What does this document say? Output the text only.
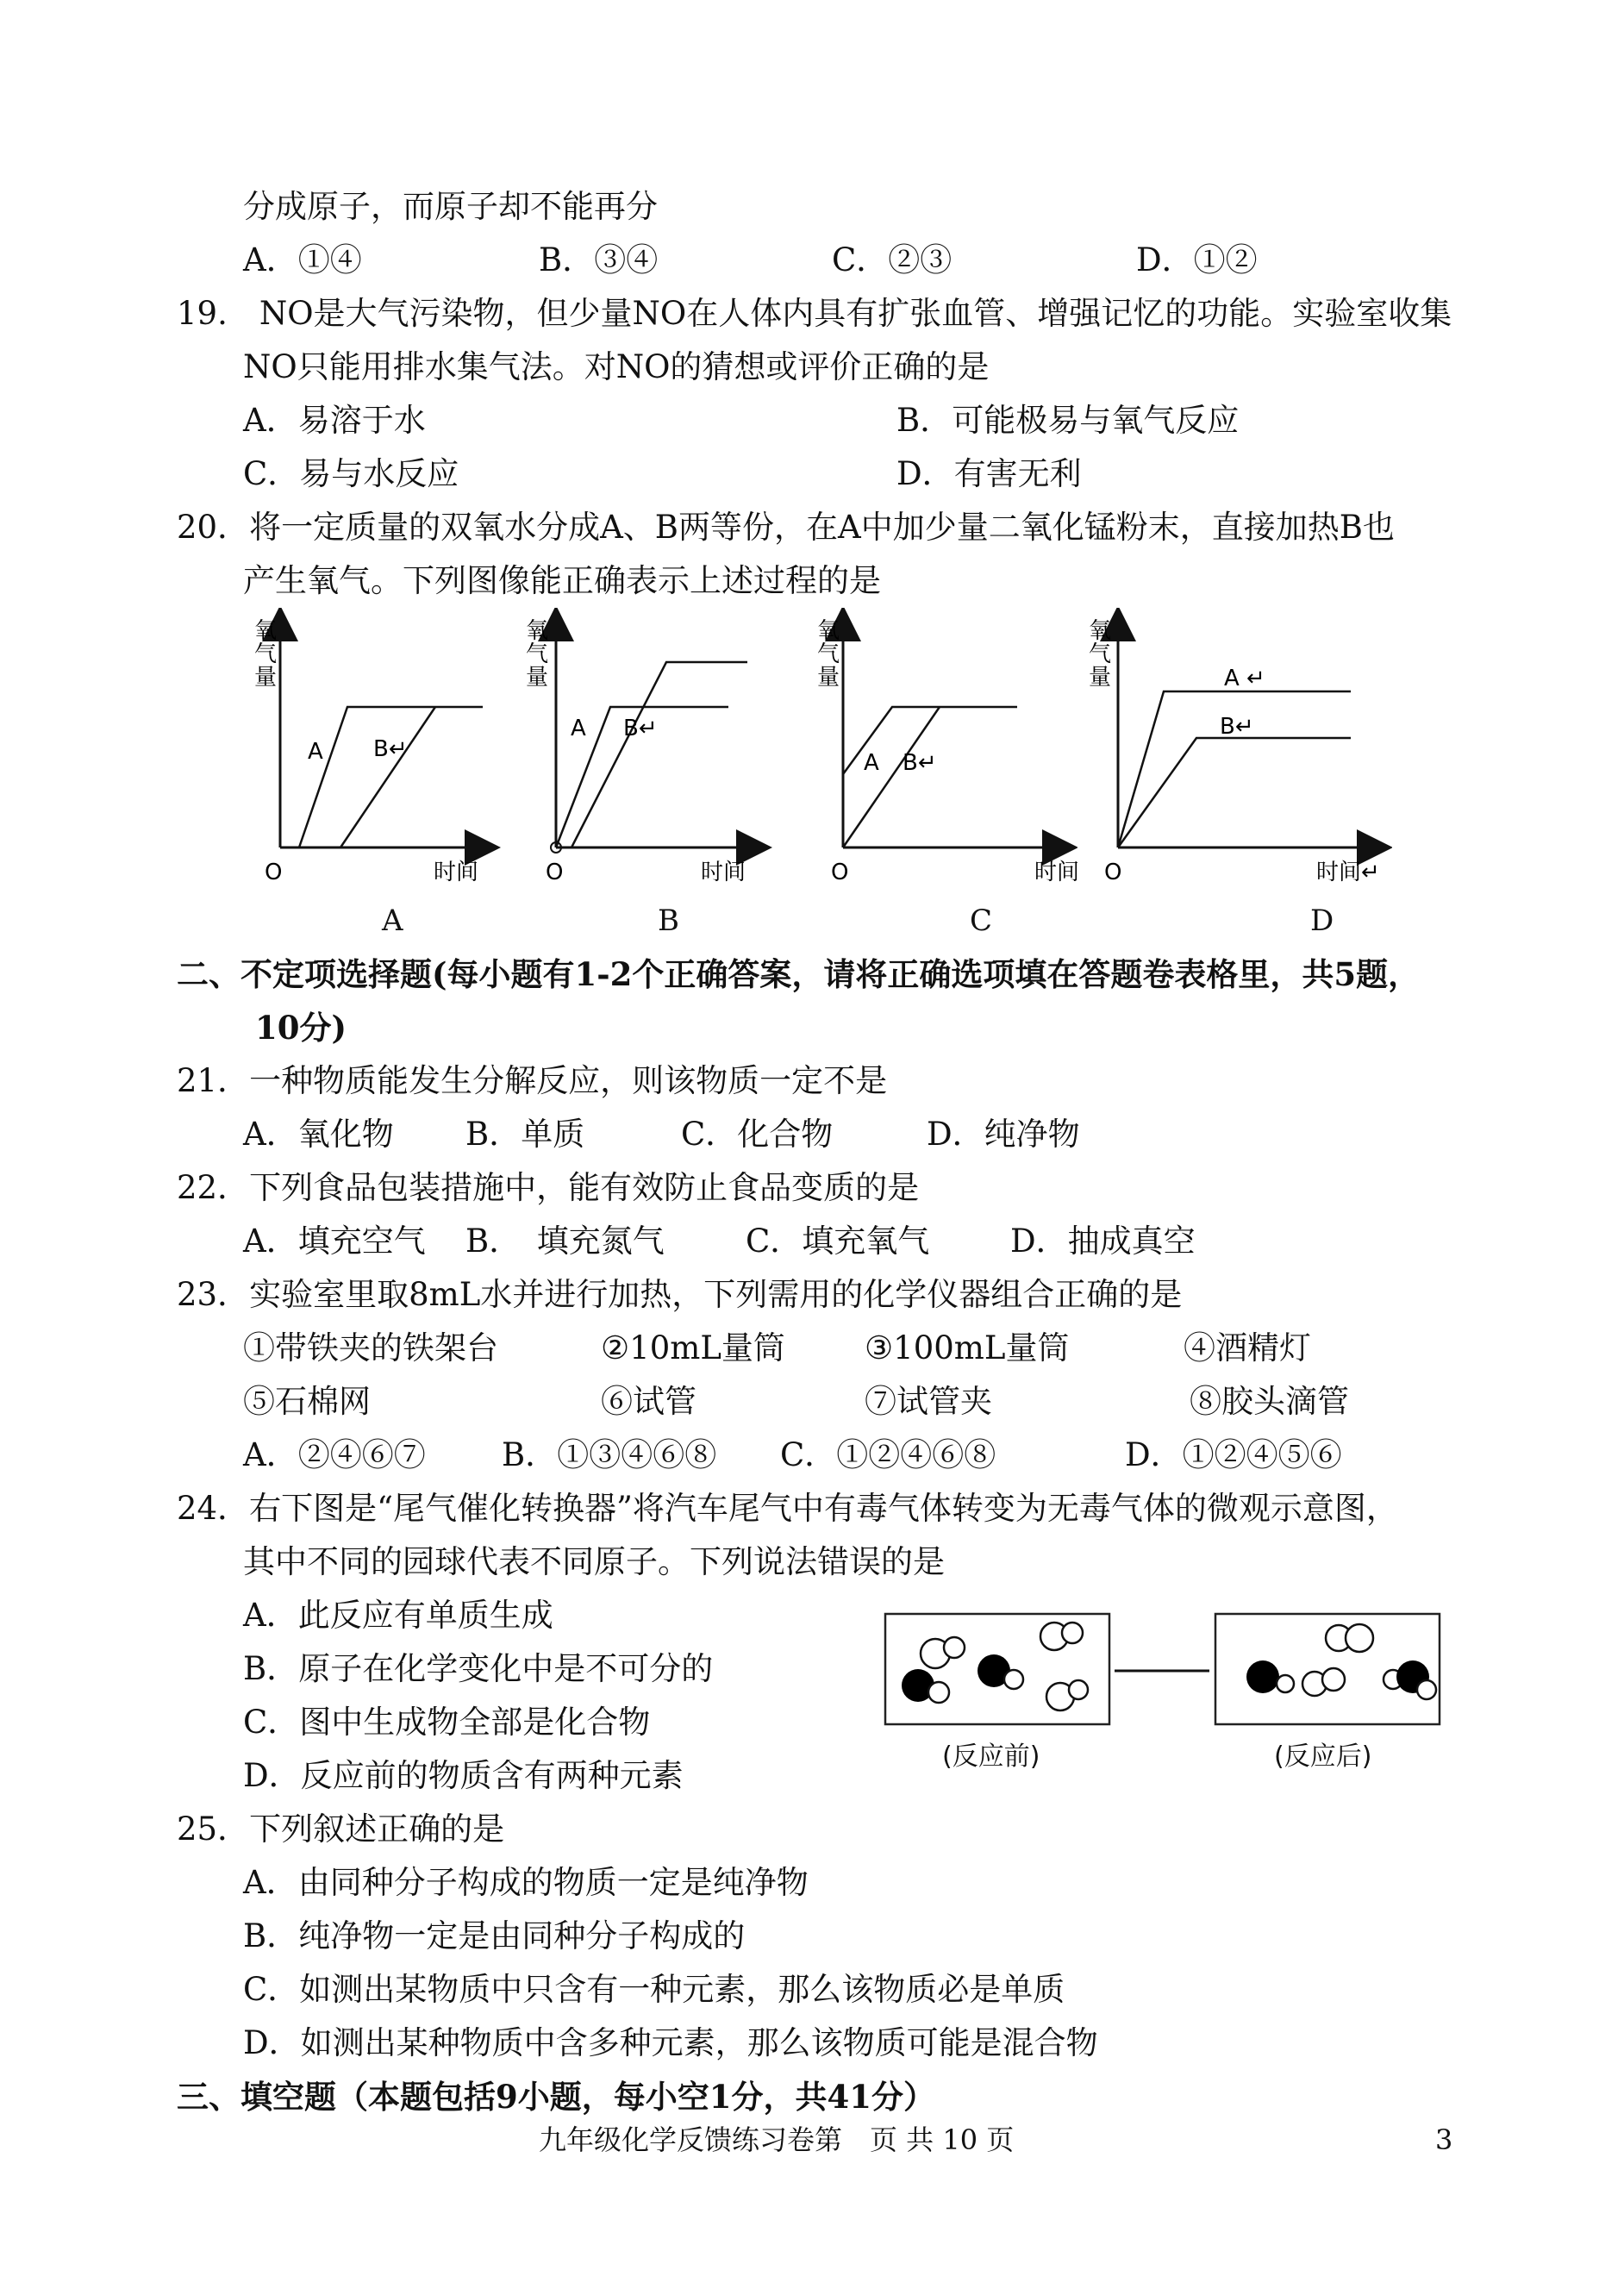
分成原子，而原子却不能再分
A．①④	B．③④	C．②③	D．①②
19.　NO是大气污染物，但少量NO在人体内具有扩张血管、增强记忆的功能。实验室收集
NO只能用排水集气法。对NO的猜想或评价正确的是
A．易溶于水	B．可能极易与氧气反应
C．易与水反应	D．有害无利
20．将一定质量的双氧水分成A、B两等份，在A中加少量二氧化锰粉末，直接加热B也
产生氧气。下列图像能正确表示上述过程的是
氧
气
量
A B↵
O	时间
氧
气
量
A B↵
O	时间
氧
气
量
A B↵
O	时间
氧
气
量	A ↵
B↵
O	时间↵
A	B	C	D
二、不定项选择题(每小题有1-2个正确答案，请将正确选项填在答题卷表格里，共5题，
10分)
21．一种物质能发生分解反应，则该物质一定不是
A．氧化物 B．单质	C．化合物	D．纯净物
22．下列食品包装措施中，能有效防止食品变质的是
A．填充空气 B．　填充氮气	C．填充氧气	D．抽成真空
23．实验室里取8mL水并进行加热，下列需用的化学仪器组合正确的是
①带铁夹的铁架台	②10mL量筒 ③100mL量筒	④酒精灯
⑤石棉网	⑥试管	⑦试管夹	⑧胶头滴管
A．②④⑥⑦ B．①③④⑥⑧ C．①②④⑥⑧	D．①②④⑤⑥
24．右下图是“尾气催化转换器”将汽车尾气中有毒气体转变为无毒气体的微观示意图，
其中不同的园球代表不同原子。下列说法错误的是
A．此反应有单质生成
B．原子在化学变化中是不可分的
C．图中生成物全部是化合物
D．反应前的物质含有两种元素
(反应前)	(反应后)
25．下列叙述正确的是
A．由同种分子构成的物质一定是纯净物
B．纯净物一定是由同种分子构成的
C．如测出某物质中只含有一种元素，那么该物质必是单质
D．如测出某种物质中含多种元素，那么该物质可能是混合物
三、填空题（本题包括9小题，每小空1分，共41分）
九年级化学反馈练习卷第　页 共 10 页	3
